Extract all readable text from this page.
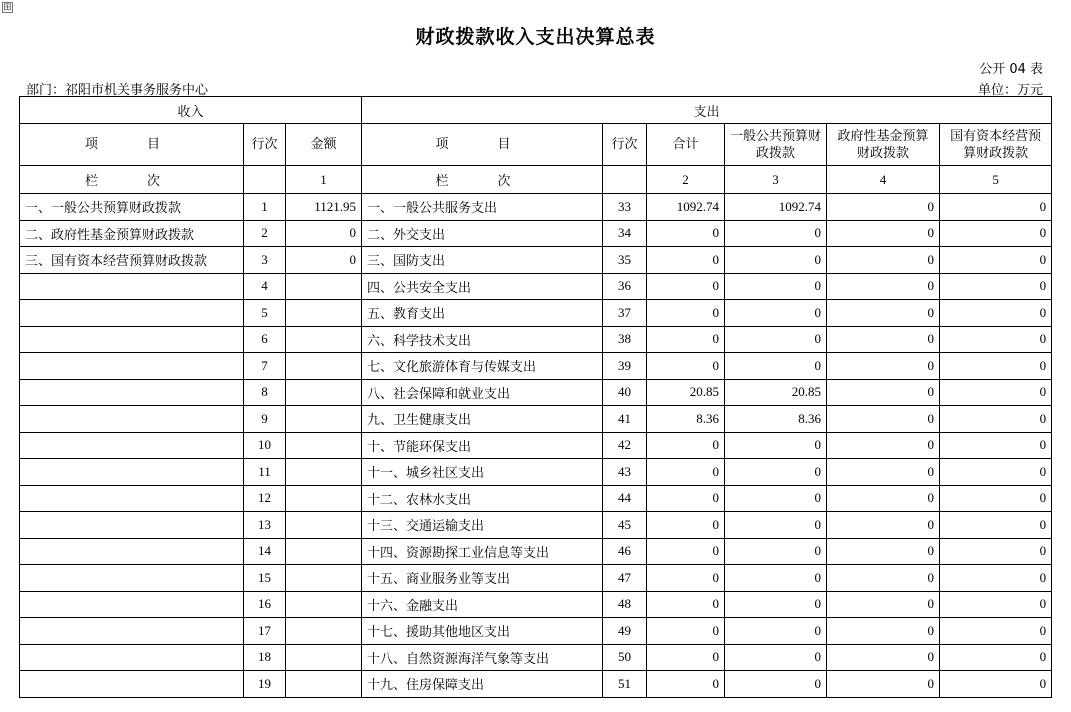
⊞
财政拨款收入支出决算总表
公开 04 表
部门：祁阳市机关事务服务中心	单位：万元
收入			支出					
项　目	行次	金额	项　目	行次	合计	一般公共预算财政拨款	政府性基金预算财政拨款	国有资本经营预算财政拨款
栏　次		1	栏　次		2	3	4	5
一、一般公共预算财政拨款	1	1121.95	一、一般公共服务支出	33	1092.74	1092.74	0	0
二、政府性基金预算财政拨款	2	0	二、外交支出	34	0	0	0	0
三、国有资本经营预算财政拨款	3	0	三、国防支出	35	0	0	0	0
	4		四、公共安全支出	36	0	0	0	0
	5		五、教育支出	37	0	0	0	0
	6		六、科学技术支出	38	0	0	0	0
	7		七、文化旅游体育与传媒支出	39	0	0	0	0
	8		八、社会保障和就业支出	40	20.85	20.85	0	0
	9		九、卫生健康支出	41	8.36	8.36	0	0
	10		十、节能环保支出	42	0	0	0	0
	11		十一、城乡社区支出	43	0	0	0	0
	12		十二、农林水支出	44	0	0	0	0
	13		十三、交通运输支出	45	0	0	0	0
	14		十四、资源勘探工业信息等支出	46	0	0	0	0
	15		十五、商业服务业等支出	47	0	0	0	0
	16		十六、金融支出	48	0	0	0	0
	17		十七、援助其他地区支出	49	0	0	0	0
	18		十八、自然资源海洋气象等支出	50	0	0	0	0
	19		十九、住房保障支出	51	0	0	0	0
